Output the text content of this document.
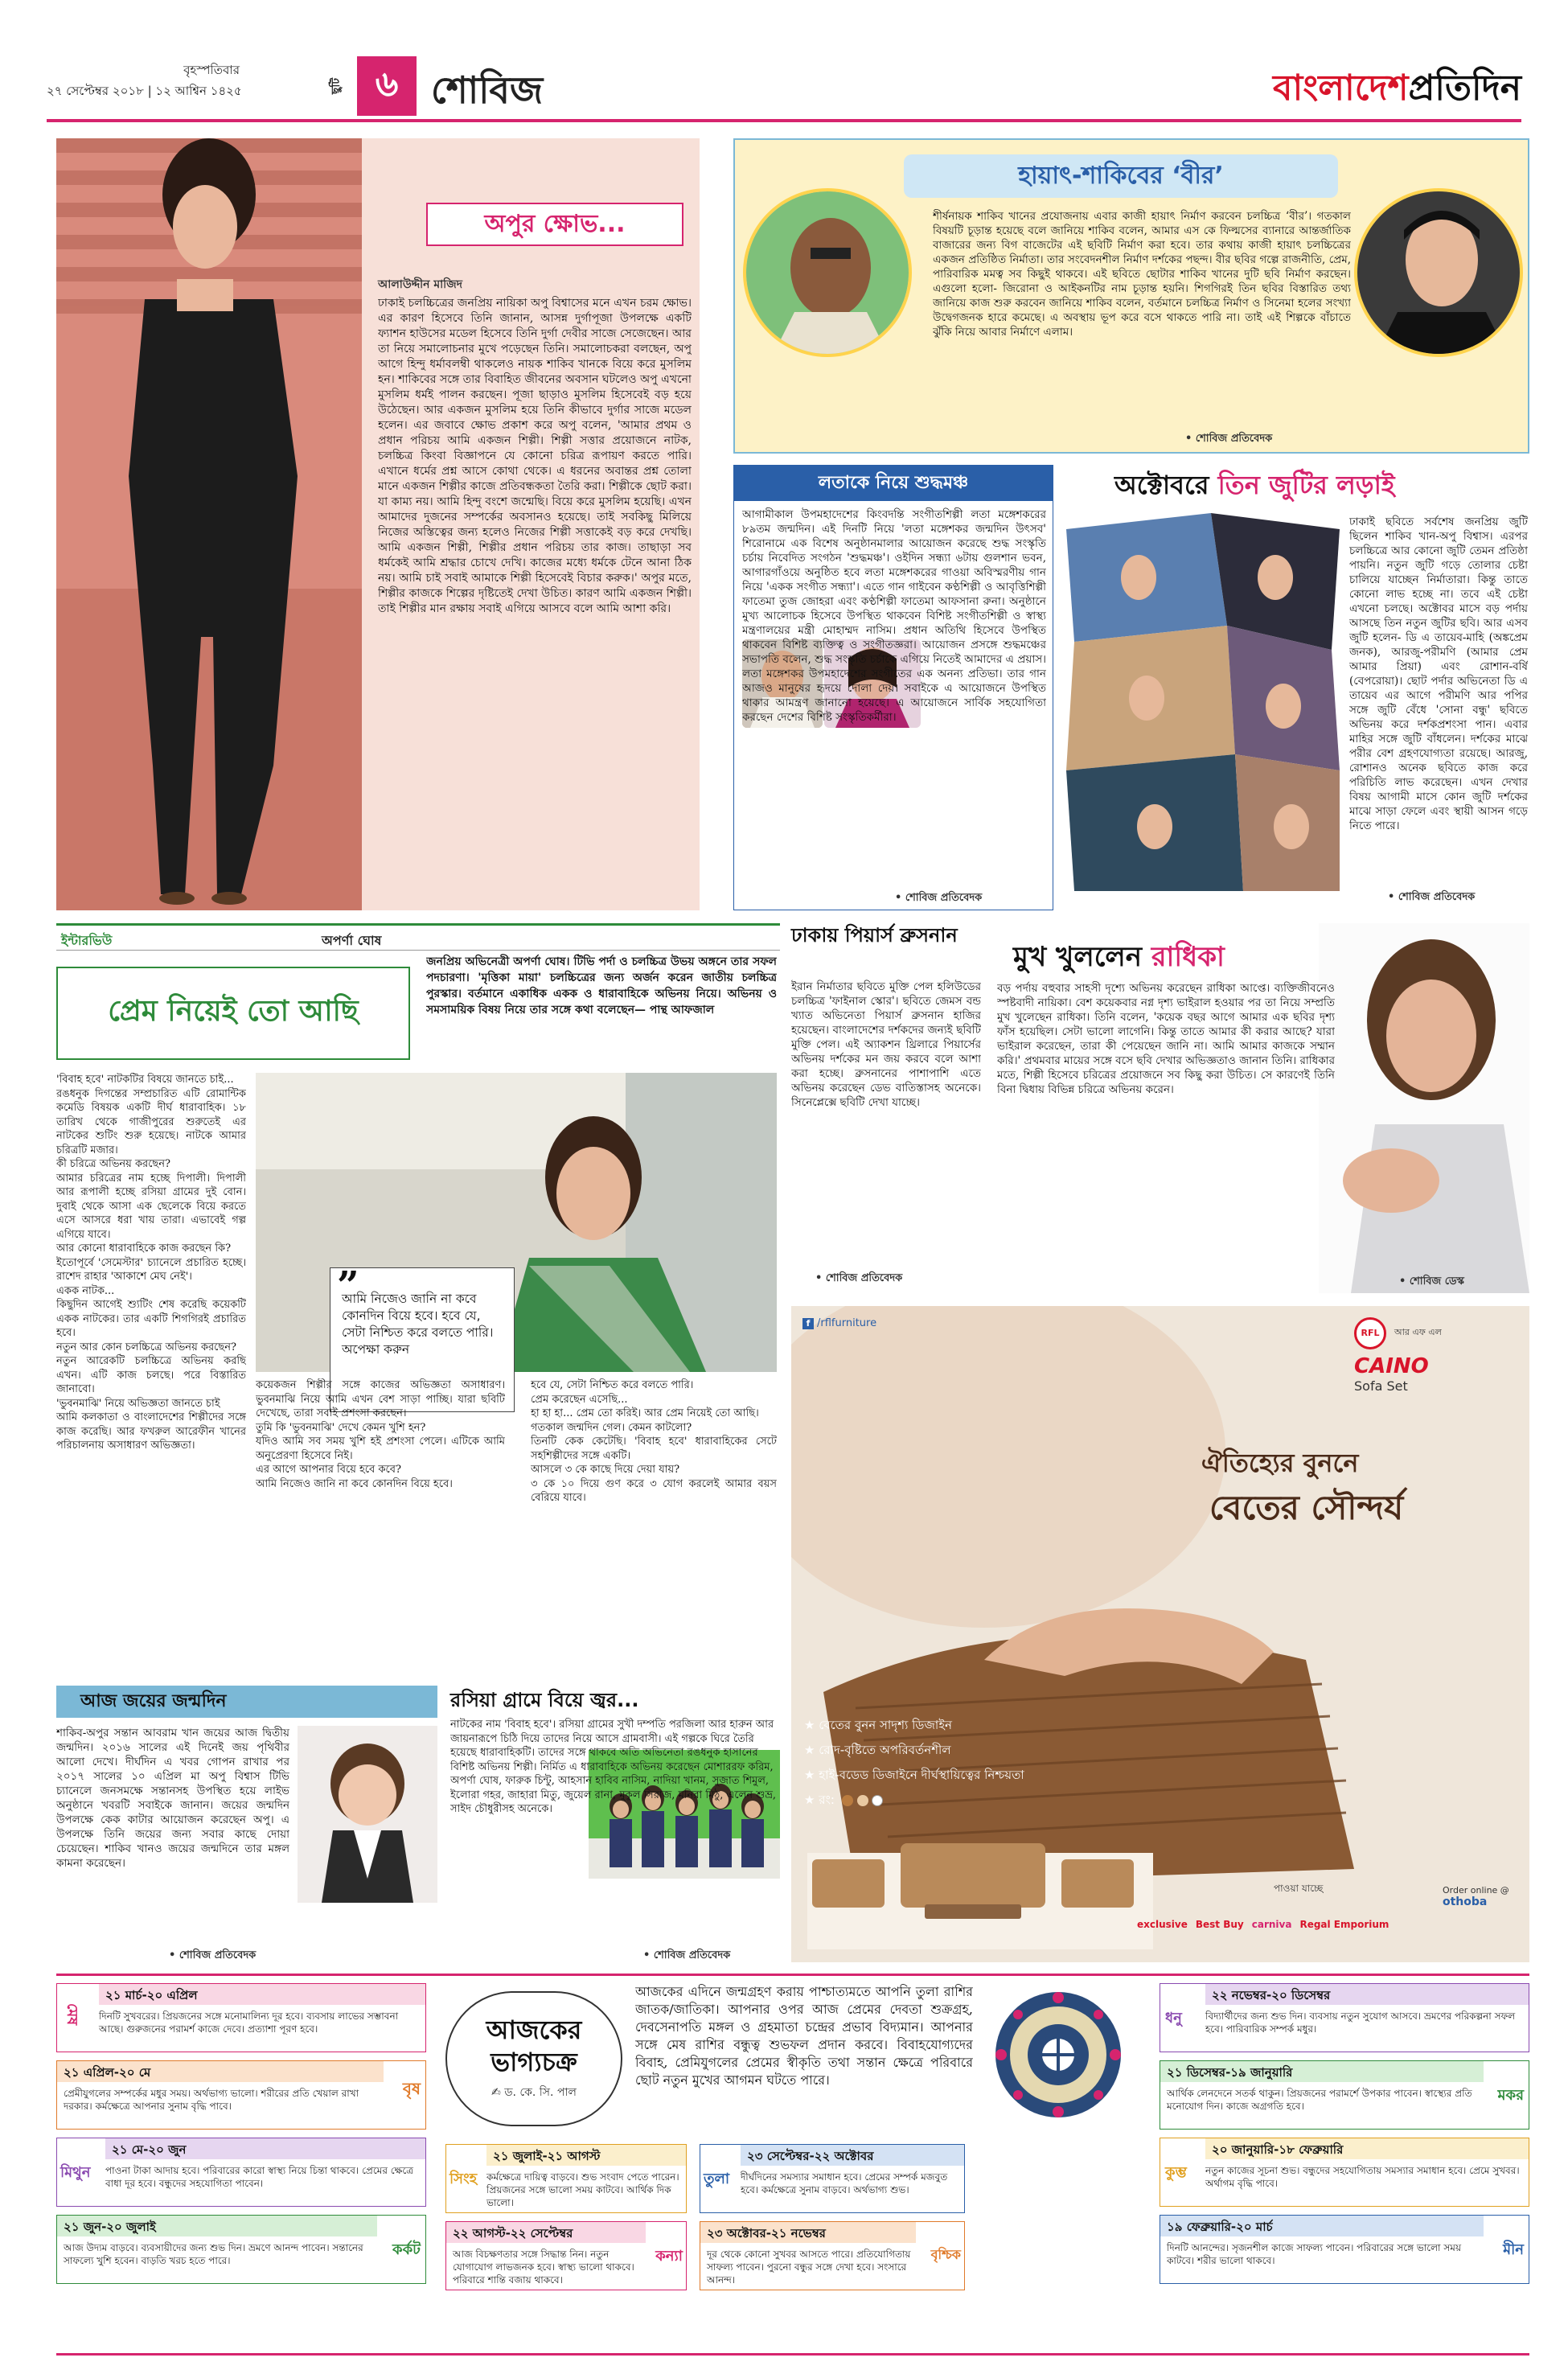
বৃহস্পতিবার
২৭ সেপ্টেম্বর ২০১৮ | ১২ আশ্বিন ১৪২৫	ছুটি ৬ শোবিজ	বাংলাদেশপ্রতিদিন
অপুর ক্ষোভ...
আলাউদ্দীন মাজিদ
ঢাকাই চলচ্চিত্রের জনপ্রিয় নায়িকা অপু বিশ্বাসের মনে এখন চরম ক্ষোভ। এর কারণ হিসেবে তিনি জানান, আসন্ন দুর্গাপূজা উপলক্ষে একটি ফ্যাশন হাউসের মডেল হিসেবে তিনি দুর্গা দেবীর সাজে সেজেছেন। আর তা নিয়ে সমালোচনার মুখে পড়েছেন তিনি। সমালোচকরা বলছেন, অপু আগে হিন্দু ধর্মাবলম্বী থাকলেও নায়ক শাকিব খানকে বিয়ে করে মুসলিম হন। শাকিবের সঙ্গে তার বিবাহিত জীবনের অবসান ঘটলেও অপু এখনো মুসলিম ধর্মই পালন করছেন। পূজা ছাড়াও মুসলিম হিসেবেই বড় হয়ে উঠেছেন। আর একজন মুসলিম হয়ে তিনি কীভাবে দুর্গার সাজে মডেল হলেন। এর জবাবে ক্ষোভ প্রকাশ করে অপু বলেন, 'আমার প্রথম ও প্রধান পরিচয় আমি একজন শিল্পী। শিল্পী সত্তার প্রয়োজনে নাটক, চলচ্চিত্র কিংবা বিজ্ঞাপনে যে কোনো চরিত্র রূপায়ণ করতে পারি। এখানে ধর্মের প্রশ্ন আসে কোথা থেকে। এ ধরনের অবান্তর প্রশ্ন তোলা মানে একজন শিল্পীর কাজে প্রতিবন্ধকতা তৈরি করা। শিল্পীকে ছোট করা। যা কাম্য নয়। আমি হিন্দু বংশে জন্মেছি। বিয়ে করে মুসলিম হয়েছি। এখন আমাদের দুজনের সম্পর্কের অবসানও হয়েছে। তাই সবকিছু মিলিয়ে নিজের অস্তিত্বের জন্য হলেও নিজের শিল্পী সত্তাকেই বড় করে দেখছি। আমি একজন শিল্পী, শিল্পীর প্রধান পরিচয় তার কাজ। তাছাড়া সব ধর্মকেই আমি শ্রদ্ধার চোখে দেখি। কাজের মধ্যে ধর্মকে টেনে আনা ঠিক নয়। আমি চাই সবাই আমাকে শিল্পী হিসেবেই বিচার করুক।' অপুর মতে, শিল্পীর কাজকে শিল্পের দৃষ্টিতেই দেখা উচিত। কারণ আমি একজন শিল্পী। তাই শিল্পীর মান রক্ষায় সবাই এগিয়ে আসবে বলে আমি আশা করি।
হায়াৎ-শাকিবের ‘বীর’
শীর্ষনায়ক শাকিব খানের প্রযোজনায় এবার কাজী হায়াৎ নির্মাণ করবেন চলচ্চিত্র ‘বীর’। গতকাল বিষয়টি চূড়ান্ত হয়েছে বলে জানিয়ে শাকিব বলেন, আমার এস কে ফিল্মসের ব্যানারে আন্তর্জাতিক বাজারের জন্য বিগ বাজেটের এই ছবিটি নির্মাণ করা হবে। তার কথায় কাজী হায়াৎ চলচ্চিত্রের একজন প্রতিষ্ঠিত নির্মাতা। তার সংবেদনশীল নির্মাণ দর্শকের পছন্দ। বীর ছবির গল্পে রাজনীতি, প্রেম, পারিবারিক মমত্ব সব কিছুই থাকবে। এই ছবিতে ছোটার শাকিব খানের দুটি ছবি নির্মাণ করছেন। এগুলো হলো- জিরোনা ও আইকনটির নাম চূড়ান্ত হয়নি। শিগগিরই তিন ছবির বিস্তারিত তথ্য জানিয়ে কাজ শুরু করবেন জানিয়ে শাকিব বলেন, বর্তমানে চলচ্চিত্র নির্মাণ ও সিনেমা হলের সংখ্যা উদ্বেগজনক হারে কমেছে। এ অবস্থায় ভূপ করে বসে থাকতে পারি না। তাই এই শিল্পকে বাঁচাতে ঝুঁকি নিয়ে আবার নির্মাণে এলাম।
• শোবিজ প্রতিবেদক
লতাকে নিয়ে শুদ্ধমঞ্চ
আগামীকাল উপমহাদেশের কিংবদন্তি সংগীতশিল্পী লতা মঙ্গেশকরের ৮৯তম জন্মদিন। এই দিনটি নিয়ে 'লতা মঙ্গেশকর জন্মদিন উৎসব' শিরোনামে এক বিশেষ অনুষ্ঠানমালার আয়োজন করেছে শুদ্ধ সংস্কৃতি চর্চায় নিবেদিত সংগঠন 'শুদ্ধমঞ্চ'। ওইদিন সন্ধ্যা ৬টায় গুলশান ভবন, আগারগাঁওয়ে অনুষ্ঠিত হবে লতা মঙ্গেশকরের গাওয়া অবিস্মরণীয় গান নিয়ে 'একক সংগীত সন্ধ্যা'। এতে গান গাইবেন কণ্ঠশিল্পী ও আবৃত্তিশিল্পী ফাতেমা তুজ জোহরা এবং কণ্ঠশিল্পী ফাতেমা আফসানা রুনা। অনুষ্ঠানে মুখ্য আলোচক হিসেবে উপস্থিত থাকবেন বিশিষ্ট সংগীতশিল্পী ও স্বাস্থ্য মন্ত্রণালয়ের মন্ত্রী মোহাম্মদ নাসিম। প্রধান অতিথি হিসেবে উপস্থিত থাকবেন বিশিষ্ট ব্যক্তিত্ব ও সংগীতজ্ঞরা। আয়োজন প্রসঙ্গে শুদ্ধমঞ্চের সভাপতি বলেন, শুদ্ধ সংস্কৃতি চর্চাকে এগিয়ে নিতেই আমাদের এ প্রয়াস। লতা মঙ্গেশকর উপমহাদেশের সংগীতের এক অনন্য প্রতিভা। তার গান আজও মানুষের হৃদয়ে দোলা দেয়। সবাইকে এ আয়োজনে উপস্থিত থাকার আমন্ত্রণ জানানো হয়েছে। এ আয়োজনে সার্বিক সহযোগিতা করছেন দেশের বিশিষ্ট সংস্কৃতিকর্মীরা।
• শোবিজ প্রতিবেদক
অক্টোবরে তিন জুটির লড়াই
ঢাকাই ছবিতে সর্বশেষ জনপ্রিয় জুটি ছিলেন শাকিব খান-অপু বিশ্বাস। এরপর চলচ্চিত্রে আর কোনো জুটি তেমন প্রতিষ্ঠা পায়নি। নতুন জুটি গড়ে তোলার চেষ্টা চালিয়ে যাচ্ছেন নির্মাতারা। কিন্তু তাতে কোনো লাভ হচ্ছে না। তবে এই চেষ্টা এখনো চলছে। অক্টোবর মাসে বড় পর্দায় আসছে তিন নতুন জুটির ছবি। আর এসব জুটি হলেন- ডি এ তায়েব-মাহি (অঙ্কপ্রেম জনক), আরজু-পরীমণি (আমার প্রেম আমার প্রিয়া) এবং রোশান-বর্ষি (বেপরোয়া)। ছোট পর্দার অভিনেতা ডি এ তায়েব এর আগে পরীমণি আর পপির সঙ্গে জুটি বেঁধে 'সোনা বন্ধু' ছবিতে অভিনয় করে দর্শকপ্রশংসা পান। এবার মাহির সঙ্গে জুটি বাঁধলেন। দর্শকের মাঝে পরীর বেশ গ্রহণযোগ্যতা রয়েছে। আরজু, রোশানও অনেক ছবিতে কাজ করে পরিচিতি লাভ করেছেন। এখন দেখার বিষয় আগামী মাসে কোন জুটি দর্শকের মাঝে সাড়া ফেলে এবং স্থায়ী আসন গড়ে নিতে পারে।
• শোবিজ প্রতিবেদক
ইন্টারভিউ	অপর্ণা ঘোষ
প্রেম নিয়েই তো আছি
জনপ্রিয় অভিনেত্রী অপর্ণা ঘোষ। টিভি পর্দা ও চলচ্চিত্র উভয় অঙ্গনে তার সফল পদচারণা। 'মৃত্তিকা মায়া' চলচ্চিত্রের জন্য অর্জন করেন জাতীয় চলচ্চিত্র পুরস্কার। বর্তমানে একাধিক একক ও ধারাবাহিকে অভিনয় নিয়ে। অভিনয় ও সমসাময়িক বিষয় নিয়ে তার সঙ্গে কথা বলেছেন— পান্থ আফজাল
'বিবাহ হবে' নাটকটির বিষয়ে জানতে চাই...
রঙধনুক দিগন্তের সম্প্রচারিত এটি রোমান্টিক কমেডি বিষয়ক একটি দীর্ঘ ধারাবাহিক। ১৮ তারিখ থেকে গাজীপুরের শুরুতেই এর নাটকের শুটিং শুরু হয়েছে। নাটকে আমার চরিত্রটি মজার।
কী চরিত্রে অভিনয় করছেন?
আমার চরিত্রের নাম হচ্ছে দিপালী। দিপালী আর রূপালী হচ্ছে রসিয়া গ্রামের দুই বোন। দুবাই থেকে আসা এক ছেলেকে বিয়ে করতে এসে আসরে ধরা খায় তারা। এভাবেই গল্প এগিয়ে যাবে।
আর কোনো ধারাবাহিকে কাজ করছেন কি?
ইতোপূর্বে 'সেমেস্টার' চ্যানেলে প্রচারিত হচ্ছে। রাশেদ রাহার 'আকাশে মেঘ নেই'।
একক নাটক...
কিছুদিন আগেই শ্যুটিং শেষ করেছি কয়েকটি একক নাটকের। তার একটি শিগগিরই প্রচারিত হবে।
নতুন আর কোন চলচ্চিত্রে অভিনয় করছেন?
নতুন আরেকটি চলচ্চিত্রে অভিনয় করছি এখন। এটি কাজ চলছে। পরে বিস্তারিত জানাবো।
'ভুবনমাঝি' নিয়ে অভিজ্ঞতা জানতে চাই
আমি কলকাতা ও বাংলাদেশের শিল্পীদের সঙ্গে কাজ করেছি। আর ফখরুল আরেফীন খানের পরিচালনায় অসাধারণ অভিজ্ঞতা।
”
আমি নিজেও জানি না কবে কোনদিন বিয়ে হবে। হবে যে, সেটা নিশ্চিত করে বলতে পারি।
অপেক্ষা করুন
কয়েকজন শিল্পীর সঙ্গে কাজের অভিজ্ঞতা অসাধারণ। ভুবনমাঝি নিয়ে আমি এখন বেশ সাড়া পাচ্ছি। যারা ছবিটি দেখেছে, তারা সবাই প্রশংসা করছেন।
তুমি কি 'ভুবনমাঝি' দেখে কেমন খুশি হন?
যদিও আমি সব সময় খুশি হই প্রশংসা পেলে। এটিকে আমি অনুপ্রেরণা হিসেবে নিই।
এর আগে আপনার বিয়ে হবে কবে?
আমি নিজেও জানি না কবে কোনদিন বিয়ে হবে।
হবে যে, সেটা নিশ্চিত করে বলতে পারি।
প্রেম করেছেন এসেছি...
হা হা হা... প্রেম তো করিই। আর প্রেম নিয়েই তো আছি।
গতকাল জন্মদিন গেল। কেমন কাটলো?
তিনটি কেক কেটেছি। 'বিবাহ হবে' ধারাবাহিকের সেটে সহশিল্পীদের সঙ্গে একটি।
আসলে ৩ কে কাছে দিয়ে দেয়া যায়?
৩ কে ১০ দিয়ে গুণ করে ৩ যোগ করলেই আমার বয়স বেরিয়ে যাবে।
ঢাকায় পিয়ার্স ব্রুসনান
ইরান নির্মাতার ছবিতে মুক্তি পেল হলিউডের চলচ্চিত্র 'ফাইনাল স্কোর'। ছবিতে জেমস বন্ড খ্যাত অভিনেতা পিয়ার্স ব্রুসনান হাজির হয়েছেন। বাংলাদেশের দর্শকদের জন্যই ছবিটি মুক্তি পেল। এই অ্যাকশন থ্রিলারে পিয়ার্সের অভিনয় দর্শকের মন জয় করবে বলে আশা করা হচ্ছে। ব্রুসনানের পাশাপাশি এতে অভিনয় করেছেন ডেভ বাতিস্তাসহ অনেকে। সিনেপ্লেক্সে ছবিটি দেখা যাচ্ছে।
• শোবিজ প্রতিবেদক
মুখ খুললেন রাধিকা
বড় পর্দায় বহুবার সাহসী দৃশ্যে অভিনয় করেছেন রাধিকা আপ্তে। ব্যক্তিজীবনেও স্পষ্টবাদী নায়িকা। বেশ কয়েকবার নগ্ন দৃশ্য ভাইরাল হওয়ার পর তা নিয়ে সম্প্রতি মুখ খুলেছেন রাধিকা। তিনি বলেন, 'কয়েক বছর আগে আমার এক ছবির দৃশ্য ফাঁস হয়েছিল। সেটা ভালো লাগেনি। কিন্তু তাতে আমার কী করার আছে? যারা ভাইরাল করেছেন, তারা কী পেয়েছেন জানি না। আমি আমার কাজকে সম্মান করি।' প্রথমবার মায়ের সঙ্গে বসে ছবি দেখার অভিজ্ঞতাও জানান তিনি। রাধিকার মতে, শিল্পী হিসেবে চরিত্রের প্রয়োজনে সব কিছু করা উচিত। সে কারণেই তিনি বিনা দ্বিধায় বিভিন্ন চরিত্রে অভিনয় করেন।
• শোবিজ ডেস্ক
f /rflfurniture
RFL	আর এফ এল
CAINO
Sofa Set
ঐতিহ্যের বুননে
বেতের সৌন্দর্য
★ বেতের বুনন সাদৃশ্য ডিজাইন
★ রোদ-বৃষ্টিতে অপরিবর্তনশীল
★ হাই-বডেড ডিজাইনে দীর্ঘস্থায়িত্বের নিশ্চয়তা
★ রং:
পাওয়া যাচ্ছে
exclusive Best Buy carniva Regal Emporium
Order online @
othoba
আজ জয়ের জন্মদিন
শাকিব-অপুর সন্তান আবরাম খান জয়ের আজ দ্বিতীয় জন্মদিন। ২০১৬ সালের এই দিনেই জয় পৃথিবীর আলো দেখে। দীর্ঘদিন এ খবর গোপন রাখার পর ২০১৭ সালের ১০ এপ্রিল মা অপু বিশ্বাস টিভি চ্যানেলে জনসমক্ষে সন্তানসহ উপস্থিত হয়ে লাইভ অনুষ্ঠানে খবরটি সবাইকে জানান। জয়ের জন্মদিন উপলক্ষে কেক কাটার আয়োজন করেছেন অপু। এ উপলক্ষে তিনি জয়ের জন্য সবার কাছে দোয়া চেয়েছেন। শাকিব খানও জয়ের জন্মদিনে তার মঙ্গল কামনা করেছেন।
• শোবিজ প্রতিবেদক
রসিয়া গ্রামে বিয়ে জ্বর...
নাটকের নাম 'বিবাহ হবে'। রসিয়া গ্রামের সুখী দম্পতি পরজিলা আর হারুন আর জায়নারূপে চিঠি দিয়ে তাদের নিয়ে আসে গ্রামবাসী। এই গল্পকে ঘিরে তৈরি হয়েছে ধারাবাহিকটি। তাদের সঙ্গে থাকবে অতি অভিনেতা রঙধনুক হাসানের বিশিষ্ট অভিনয় শিল্পী। নির্মিত এ ধারাবাহিকে অভিনয় করেছেন মোশাররফ করিম, অপর্ণা ঘোষ, ফারুক চিন্টু, আহসান হাবিব নাসিম, নাদিয়া খানম, সুজাত শিমুল, ইলোরা গহর, জাহারা মিতু, জুয়েল রানা, মুকুল সিরাজ, মনিরা মিঠু, এলেন শুভ্র, সাইদ চৌধুরীসহ অনেকে।
• শোবিজ প্রতিবেদক
২১ মার্চ-২০ এপ্রিল
মেষ	দিনটি সুখবরের। প্রিয়জনের সঙ্গে মনোমালিন্য দূর হবে। ব্যবসায় লাভের সম্ভাবনা আছে। গুরুজনের পরামর্শ কাজে দেবে। প্রত্যাশা পূরণ হবে।
২১ এপ্রিল-২০ মে
বৃষ
প্রেমীযুগলের সম্পর্কের মধুর সময়। অর্থভাগ্য ভালো। শরীরের প্রতি খেয়াল রাখা দরকার। কর্মক্ষেত্রে আপনার সুনাম বৃদ্ধি পাবে।
২১ মে-২০ জুন
মিথুন পাওনা টাকা আদায় হবে। পরিবারের কারো স্বাস্থ্য নিয়ে চিন্তা থাকবে। প্রেমের ক্ষেত্রে বাধা দূর হবে। বন্ধুদের সহযোগিতা পাবেন।
২১ জুন-২০ জুলাই
কর্কট
আজ উদ্যম বাড়বে। ব্যবসায়ীদের জন্য শুভ দিন। ভ্রমণে আনন্দ পাবেন। সন্তানের সাফল্যে খুশি হবেন। বাড়তি খরচ হতে পারে।
আজকের ভাগ্যচক্র
✍ ড. কে. সি. পাল
আজকের এদিনে জন্মগ্রহণ করায় পাশ্চাত্যমতে আপনি তুলা রাশির জাতক/জাতিকা। আপনার ওপর আজ প্রেমের দেবতা শুক্রগ্রহ, দেবসেনাপতি মঙ্গল ও গ্রহমাতা চন্দ্রের প্রভাব বিদ্যমান। আপনার সঙ্গে মেষ রাশির বন্ধুত্ব শুভফল প্রদান করবে। বিবাহযোগ্যদের বিবাহ, প্রেমিযুগলের প্রেমের স্বীকৃতি তথা সন্তান ক্ষেত্রে পরিবারে ছোট নতুন মুখের আগমন ঘটতে পারে।
২১ জুলাই-২১ আগস্ট
সিংহ কর্মক্ষেত্রে দায়িত্ব বাড়বে। শুভ সংবাদ পেতে পারেন। প্রিয়জনের সঙ্গে ভালো সময় কাটবে। আর্থিক দিক ভালো।
২২ আগস্ট-২২ সেপ্টেম্বর
কন্যা
আজ বিচক্ষণতার সঙ্গে সিদ্ধান্ত নিন। নতুন যোগাযোগ লাভজনক হবে। স্বাস্থ্য ভালো থাকবে। পরিবারে শান্তি বজায় থাকবে।
২৩ সেপ্টেম্বর-২২ অক্টোবর
তুলা দীর্ঘদিনের সমস্যার সমাধান হবে। প্রেমের সম্পর্ক মজবুত হবে। কর্মক্ষেত্রে সুনাম বাড়বে। অর্থভাগ্য শুভ।
২৩ অক্টোবর-২১ নভেম্বর
বৃশ্চিক
দূর থেকে কোনো সুখবর আসতে পারে। প্রতিযোগিতায় সাফল্য পাবেন। পুরনো বন্ধুর সঙ্গে দেখা হবে। সংসারে আনন্দ।
২২ নভেম্বর-২০ ডিসেম্বর
ধনু বিদ্যার্থীদের জন্য শুভ দিন। ব্যবসায় নতুন সুযোগ আসবে। ভ্রমণের পরিকল্পনা সফল হবে। পারিবারিক সম্পর্ক মধুর।
২১ ডিসেম্বর-১৯ জানুয়ারি
মকর
আর্থিক লেনদেনে সতর্ক থাকুন। প্রিয়জনের পরামর্শে উপকার পাবেন। স্বাস্থ্যের প্রতি মনোযোগ দিন। কাজে অগ্রগতি হবে।
২০ জানুয়ারি-১৮ ফেব্রুয়ারি
কুম্ভ নতুন কাজের সূচনা শুভ। বন্ধুদের সহযোগিতায় সমস্যার সমাধান হবে। প্রেমে সুখবর। অর্থাগম বৃদ্ধি পাবে।
১৯ ফেব্রুয়ারি-২০ মার্চ
মীন
দিনটি আনন্দের। সৃজনশীল কাজে সাফল্য পাবেন। পরিবারের সঙ্গে ভালো সময় কাটবে। শরীর ভালো থাকবে।
